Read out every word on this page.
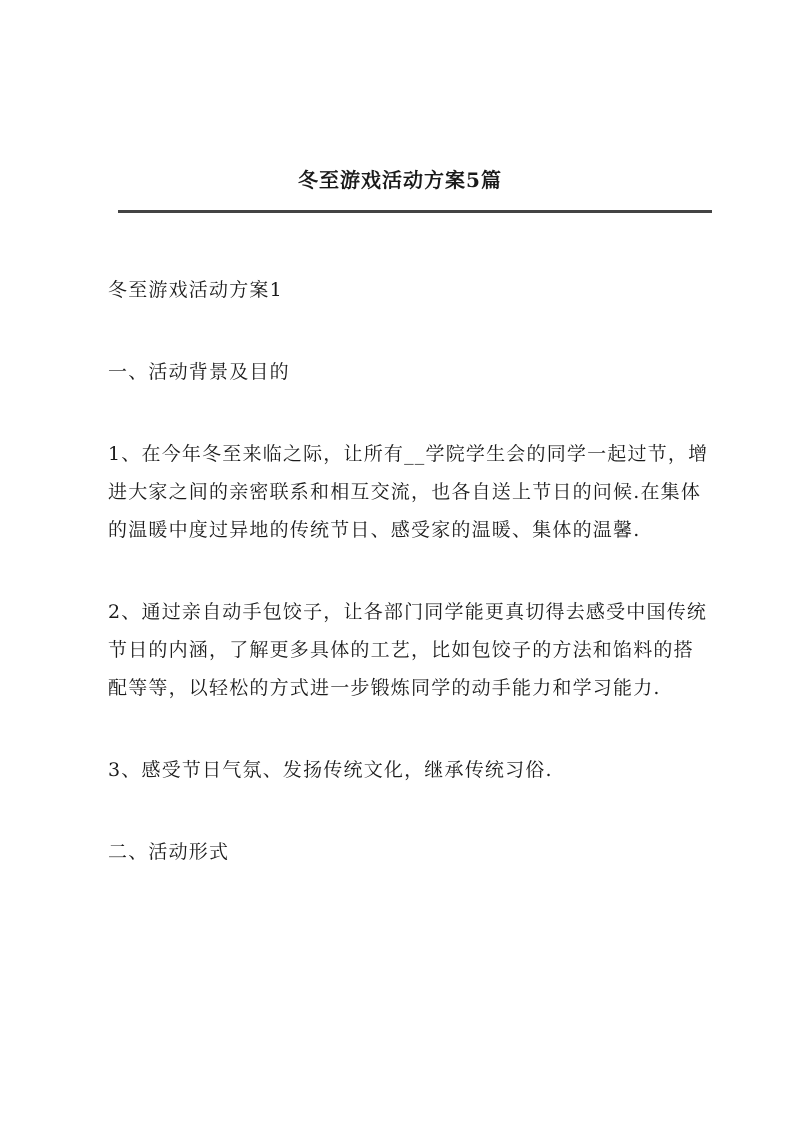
冬至游戏活动方案5篇

冬至游戏活动方案1

一、活动背景及目的

1、在今年冬至来临之际，让所有__学院学生会的同学一起过节，增进大家之间的亲密联系和相互交流，也各自送上节日的问候.在集体的温暖中度过异地的传统节日、感受家的温暖、集体的温馨.

2、通过亲自动手包饺子，让各部门同学能更真切得去感受中国传统节日的内涵，了解更多具体的工艺，比如包饺子的方法和馅料的搭配等等，以轻松的方式进一步锻炼同学的动手能力和学习能力.

3、感受节日气氛、发扬传统文化，继承传统习俗.

二、活动形式
